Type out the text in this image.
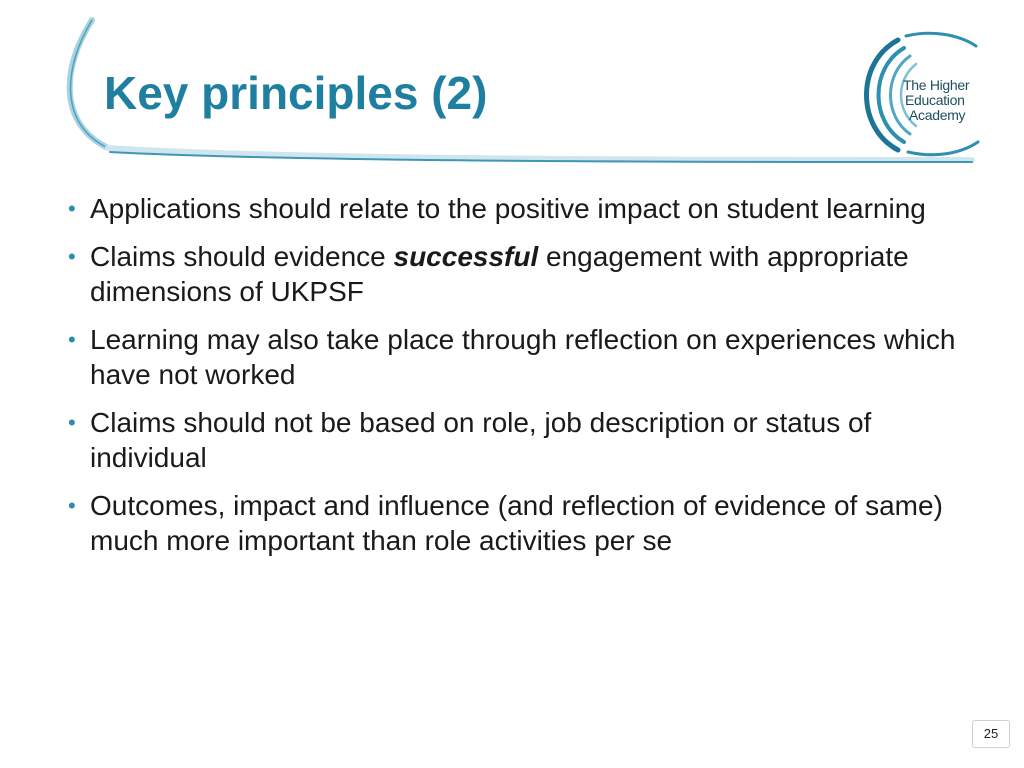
Key principles (2)	The Higher
Education
Academy
• Applications should relate to the positive impact on student learning
• Claims should evidence successful engagement with appropriate dimensions of UKPSF
• Learning may also take place through reflection on experiences which have not worked
• Claims should not be based on role, job description or status of individual
• Outcomes, impact and influence (and reflection of evidence of same) much more important than role activities per se
25
